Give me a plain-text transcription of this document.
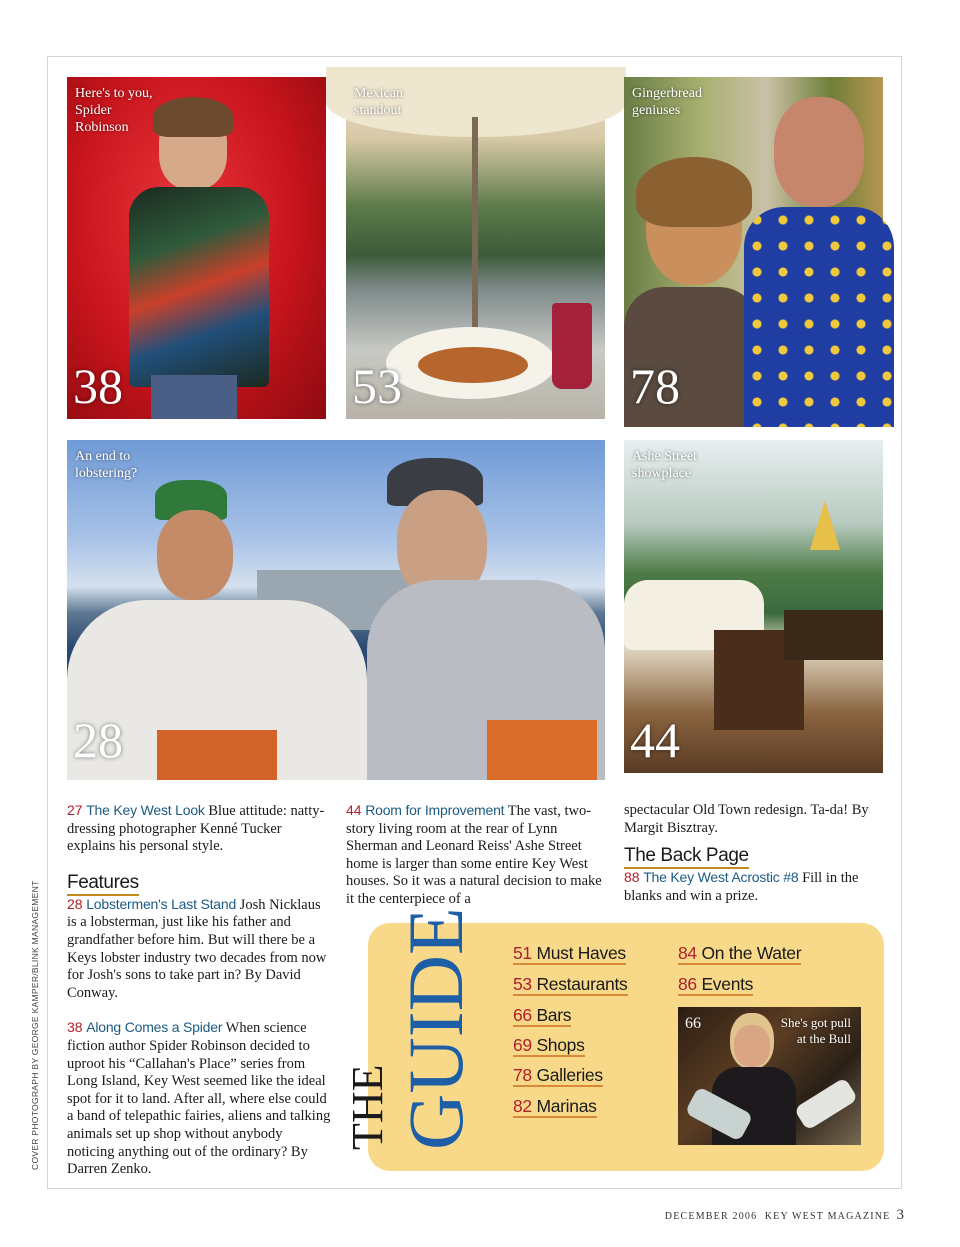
Here's to you,
Spider
Robinson
38
Mexican
standout
53
Gingerbread
geniuses
78
An end to
lobstering?
28
Ashe Street
showplace
44

27 The Key West Look Blue attitude: natty-dressing photographer Kenné Tucker explains his personal style.

Features

28 Lobstermen's Last Stand Josh Nicklaus is a lobsterman, just like his father and grandfather before him. But will there be a Keys lobster industry two decades from now for Josh's sons to take part in? By David Conway.

38 Along Comes a Spider When science fiction author Spider Robinson decided to uproot his “Callahan's Place” series from Long Island, Key West seemed like the ideal spot for it to land. After all, where else could a band of telepathic fairies, aliens and talking animals set up shop without anybody noticing anything out of the ordinary? By Darren Zenko.

44 Room for Improvement The vast, two-story living room at the rear of Lynn Sherman and Leonard Reiss' Ashe Street home is larger than some entire Key West houses. So it was a natural decision to make it the centerpiece of a

spectacular Old Town redesign. Ta-da! By Margit Bisztray.

The Back Page

88 The Key West Acrostic #8 Fill in the blanks and win a prize.

THE GUIDE 51 Must Haves
53 Restaurants
66 Bars
69 Shops
78 Galleries
82 Marinas
84 On the Water
86 Events
66	She's got pull
at the Bull
COVER PHOTOGRAPH BY GEORGE KAMPER/BLINK MANAGEMENT
DECEMBER 2006  KEY WEST MAGAZINE 3
